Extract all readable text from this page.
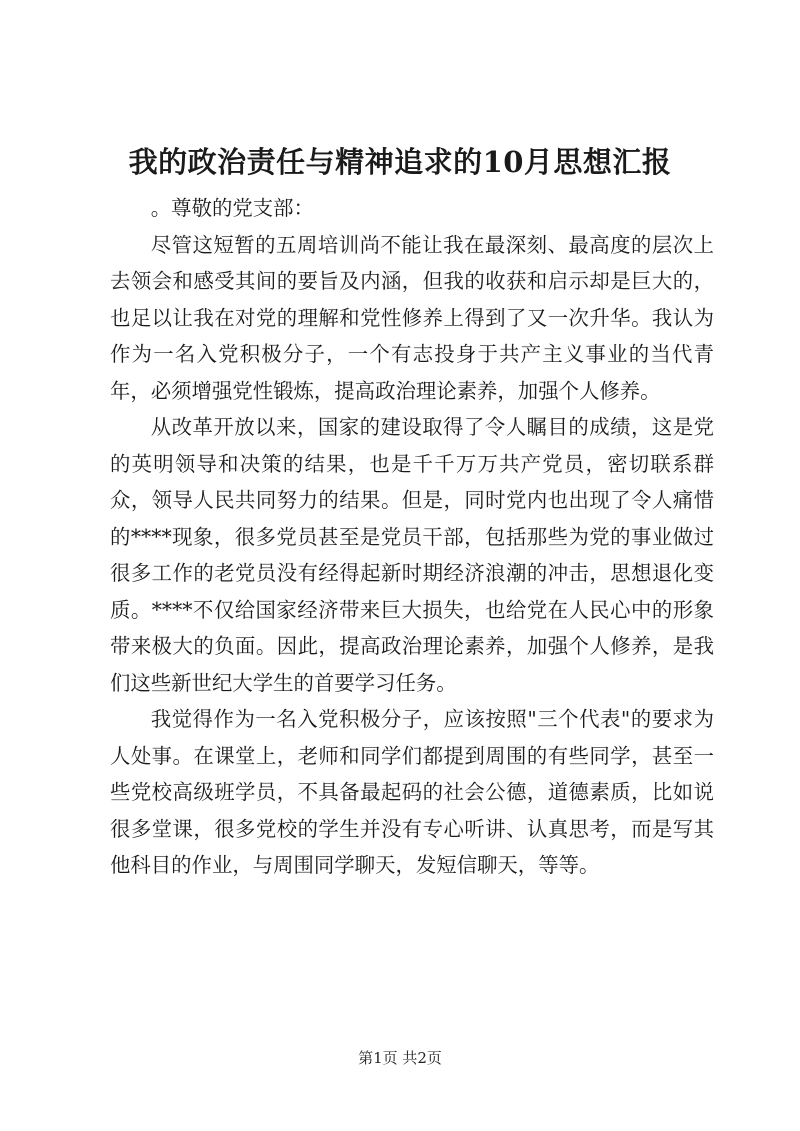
我的政治责任与精神追求的10月思想汇报

。尊敬的党支部：

尽管这短暂的五周培训尚不能让我在最深刻、最高度的层次上去领会和感受其间的要旨及内涵，但我的收获和启示却是巨大的，也足以让我在对党的理解和党性修养上得到了又一次升华。我认为作为一名入党积极分子，一个有志投身于共产主义事业的当代青年，必须增强党性锻炼，提高政治理论素养，加强个人修养。

从改革开放以来，国家的建设取得了令人瞩目的成绩，这是党的英明领导和决策的结果，也是千千万万共产党员，密切联系群众，领导人民共同努力的结果。但是，同时党内也出现了令人痛惜的****现象，很多党员甚至是党员干部，包括那些为党的事业做过很多工作的老党员没有经得起新时期经济浪潮的冲击，思想退化变质。****不仅给国家经济带来巨大损失，也给党在人民心中的形象带来极大的负面。因此，提高政治理论素养，加强个人修养，是我们这些新世纪大学生的首要学习任务。

我觉得作为一名入党积极分子，应该按照"三个代表"的要求为人处事。在课堂上，老师和同学们都提到周围的有些同学，甚至一些党校高级班学员，不具备最起码的社会公德，道德素质，比如说很多堂课，很多党校的学生并没有专心听讲、认真思考，而是写其他科目的作业，与周围同学聊天，发短信聊天，等等。

第1页 共2页
